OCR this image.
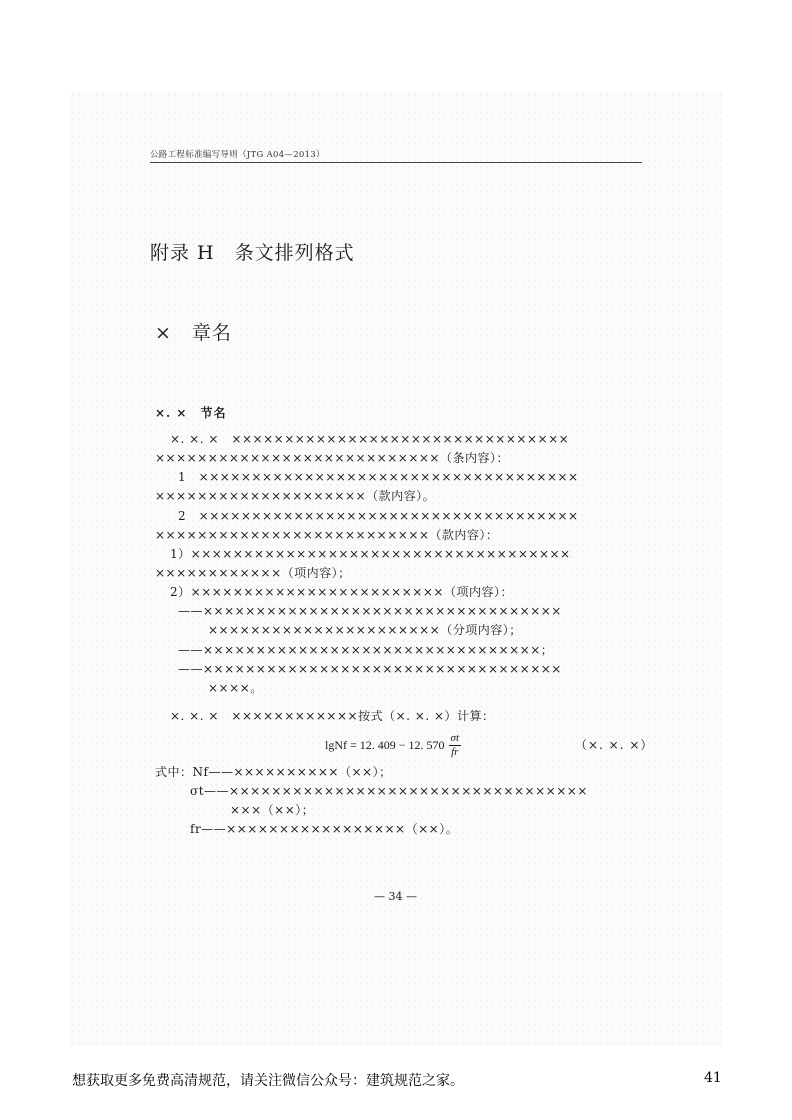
公路工程标准编写导则（JTG A04—2013）
附录 H　条文排列格式
×　章名
×. ×　节名
×. ×. ×　××××××××××××××××××××××××××××××××
×××××××××××××××××××××××××××（条内容）：
1　××××××××××××××××××××××××××××××××××××
××××××××××××××××××××（款内容）。
2　××××××××××××××××××××××××××××××××××××
××××××××××××××××××××××××××（款内容）：
1）××××××××××××××××××××××××××××××××××××
××××××××××××（项内容）；
2）××××××××××××××××××××××××（项内容）：
——××××××××××××××××××××××××××××××××××
××××××××××××××××××××××（分项内容）；
——××××××××××××××××××××××××××××××××；
——××××××××××××××××××××××××××××××××××
××××。
×. ×. ×　××××××××××××按式（×. ×. ×）计算：
lgNf = 12. 409 − 12. $570 \frac{\sigma t}{fr}$	（×. ×. ×）
式中：Nf——××××××××××（××）；
σt——××××××××××××××××××××××××××××××××××
×××（××）；
fr——×××××××××××××××××（××）。
— 34 —
想获取更多免费高清规范，请关注微信公众号：建筑规范之家。	41
